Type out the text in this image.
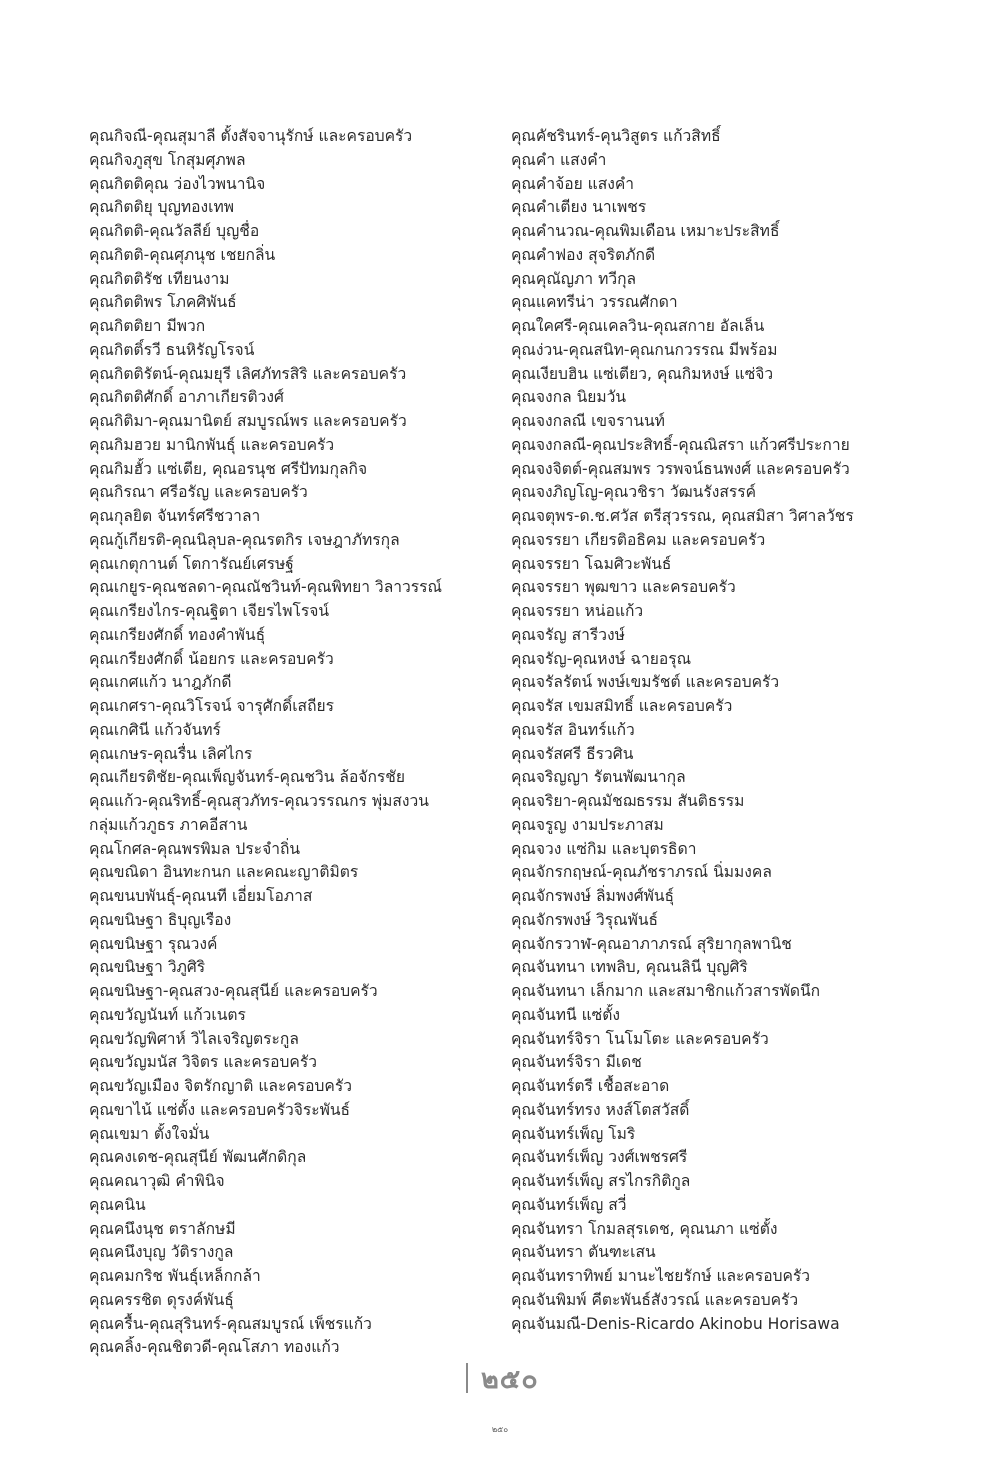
คุณกิจณี-คุณสุมาลี ตั้งสัจจานุรักษ์ และครอบครัว
คุณกิจภูสุข โกสุมศุภพล
คุณกิตติคุณ ว่องไวพนานิจ
คุณกิตติยุ บุญทองเทพ
คุณกิตติ-คุณวัลลีย์ บุญชื่อ
คุณกิตติ-คุณศุภนุช เชยกลิ่น
คุณกิตติรัช เทียนงาม
คุณกิตติพร โภคศิพันธ์
คุณกิตติยา มีพวก
คุณกิตติ์รวี ธนหิรัญโรจน์
คุณกิตติรัตน์-คุณมยุรี เลิศภัทรสิริ และครอบครัว
คุณกิตติศักดิ์ อาภาเกียรติวงศ์
คุณกิติมา-คุณมานิตย์ สมบูรณ์พร และครอบครัว
คุณกิมฮวย มานิกพันธุ์ และครอบครัว
คุณกิมฮั้ว แซ่เตีย, คุณอรนุช ศรีปัทมกุลกิจ
คุณกิรณา ศรีอรัญ และครอบครัว
คุณกุลยิต จันทร์ศรีชวาลา
คุณกู้เกียรติ-คุณนิลุบล-คุณรตกิร เจษฎาภัทรกุล
คุณเกตุกานต์ โตการัณย์เศรษฐ์
คุณเกยูร-คุณชลดา-คุณณัชวินท์-คุณพิทยา วิลาวรรณ์
คุณเกรียงไกร-คุณฐิตา เจียรไพโรจน์
คุณเกรียงศักดิ์ ทองคำพันธุ์
คุณเกรียงศักดิ์ น้อยกร และครอบครัว
คุณเกศแก้ว นาฎภักดี
คุณเกศรา-คุณวิโรจน์ จารุศักดิ์เสถียร
คุณเกศินี แก้วจันทร์
คุณเกษร-คุณรื่น เลิศไกร
คุณเกียรติชัย-คุณเพ็ญจันทร์-คุณชวิน ล้อจักรชัย
คุณแก้ว-คุณริทธิ์-คุณสุวภัทร-คุณวรรณกร พุ่มสงวน
กลุ่มแก้วภูธร ภาคอีสาน
คุณโกศล-คุณพรพิมล ประจำถิ่น
คุณขณิดา อินทะกนก และคณะญาติมิตร
คุณขนบพันธุ์-คุณนที เอี่ยมโอภาส
คุณขนิษฐา ธิบุญเรือง
คุณขนิษฐา รุณวงค์
คุณขนิษฐา วิภูศิริ
คุณขนิษฐา-คุณสวง-คุณสุนีย์ และครอบครัว
คุณขวัญนันท์ แก้วเนตร
คุณขวัญพิศาห์ วิไลเจริญตระกูล
คุณขวัญมนัส วิจิตร และครอบครัว
คุณขวัญเมือง จิตรักญาติ และครอบครัว
คุณขาไน้ แซ่ตั้ง และครอบครัวจิระพันธ์
คุณเขมา ตั้งใจมั่น
คุณคงเดช-คุณสุนีย์ พัฒนศักดิกุล
คุณคณาวุฒิ คำพินิจ
คุณคนิน
คุณคนึงนุช ตราลักษมี
คุณคนึงบุญ วัติรางกูล
คุณคมกริช พันธุ์เหล็กกล้า
คุณครรชิต ดุรงค์พันธุ์
คุณครื้น-คุณสุรินทร์-คุณสมบูรณ์ เพ็ชรแก้ว
คุณคลิ้ง-คุณชิตวดี-คุณโสภา ทองแก้ว
คุณคัชรินทร์-คุนวิสูตร แก้วสิทธิ์
คุณคำ แสงคำ
คุณคำจ้อย แสงคำ
คุณคำเตียง นาเพชร
คุณคำนวณ-คุณพิมเดือน เหมาะประสิทธิ์
คุณคำฟอง สุจริตภักดี
คุณคุณัญภา ทวีกุล
คุณแคทรีน่า วรรณศักดา
คุณใคศรี-คุณเคลวิน-คุณสกาย อัลเล็น
คุณง่วน-คุณสนิท-คุณกนกวรรณ มีพร้อม
คุณเงียบฮิน แซ่เตียว, คุณกิมหงษ์ แซ่จิว
คุณจงกล นิยมวัน
คุณจงกลณี เขจรานนท์
คุณจงกลณี-คุณประสิทธิ์-คุณณิสรา แก้วศรีประกาย
คุณจงจิตต์-คุณสมพร วรพจน์ธนพงศ์ และครอบครัว
คุณจงภิญโญ-คุณวชิรา วัฒนรังสรรค์
คุณจตุพร-ด.ช.ศวัส ตรีสุวรรณ, คุณสมิสา วิศาลวัชร
คุณจรรยา เกียรติอธิคม และครอบครัว
คุณจรรยา โฉมศิวะพันธ์
คุณจรรยา พุฒขาว และครอบครัว
คุณจรรยา หน่อแก้ว
คุณจรัญ สารีวงษ์
คุณจรัญ-คุณหงษ์ ฉายอรุณ
คุณจรัลรัตน์ พงษ์เขมรัชต์ และครอบครัว
คุณจรัส เขมสมิทธิ์ และครอบครัว
คุณจรัส อินทร์แก้ว
คุณจรัสศรี ธีรวศิน
คุณจริญญา รัตนพัฒนากุล
คุณจริยา-คุณมัชฌธรรม สันติธรรม
คุณจรูญ งามประภาสม
คุณจวง แซ่กิม และบุตรธิดา
คุณจักรกฤษณ์-คุณภัชราภรณ์ นิ่มมงคล
คุณจักรพงษ์ ลิ่มพงศ์พันธุ์
คุณจักรพงษ์ วิรุณพันธ์
คุณจักรวาฬ-คุณอาภาภรณ์ สุริยากุลพานิช
คุณจันทนา เทพลิบ, คุณนลินี บุญศิริ
คุณจันทนา เล็กมาก และสมาชิกแก้วสารพัดนึก
คุณจันทนี แซ่ตั้ง
คุณจันทร์จิรา โนโมโตะ และครอบครัว
คุณจันทร์จิรา มีเดช
คุณจันทร์ตรี เชื้อสะอาด
คุณจันทร์ทรง หงส์โตสวัสดิ์
คุณจันทร์เพ็ญ โมริ
คุณจันทร์เพ็ญ วงศ์เพชรศรี
คุณจันทร์เพ็ญ สรไกรกิติกูล
คุณจันทร์เพ็ญ สวี่
คุณจันทรา โกมลสุรเดช, คุณนภา แซ่ตั้ง
คุณจันทรา ตันฑะเสน
คุณจันทราทิพย์ มานะไชยรักษ์ และครอบครัว
คุณจันพิมพ์ คีตะพันธ์สังวรณ์ และครอบครัว
คุณจันมณี-Denis-Ricardo Akinobu Horisawa
๒๕๐
๒๕๐
